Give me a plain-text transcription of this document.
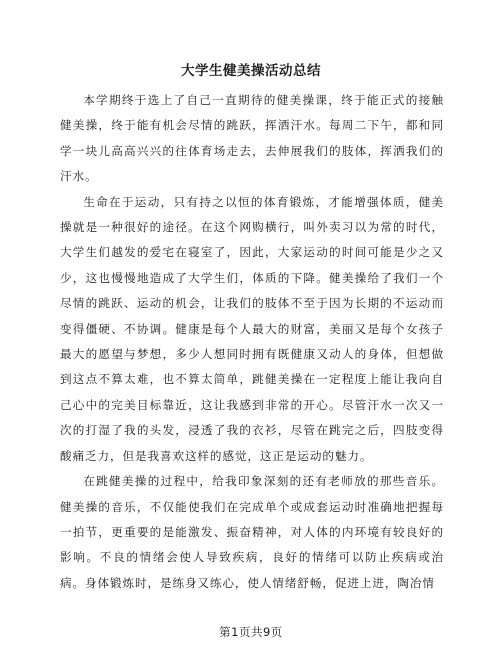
大学生健美操活动总结

本学期终于选上了自己一直期待的健美操课，终于能正式的接触健美操，终于能有机会尽情的跳跃，挥洒汗水。每周二下午，都和同学一块儿高高兴兴的往体育场走去，去伸展我们的肢体，挥洒我们的汗水。

生命在于运动，只有持之以恒的体育锻炼，才能增强体质，健美操就是一种很好的途径。在这个网购横行，叫外卖习以为常的时代，大学生们越发的爱宅在寝室了，因此，大家运动的时间可能是少之又少，这也慢慢地造成了大学生们，体质的下降。健美操给了我们一个尽情的跳跃、运动的机会，让我们的肢体不至于因为长期的不运动而变得僵硬、不协调。健康是每个人最大的财富，美丽又是每个女孩子最大的愿望与梦想，多少人想同时拥有既健康又动人的身体，但想做到这点不算太难，也不算太简单，跳健美操在一定程度上能让我向自己心中的完美目标靠近，这让我感到非常的开心。尽管汗水一次又一次的打湿了我的头发，浸透了我的衣衫，尽管在跳完之后，四肢变得酸痛乏力，但是我喜欢这样的感觉，这正是运动的魅力。

在跳健美操的过程中，给我印象深刻的还有老师放的那些音乐。健美操的音乐，不仅能使我们在完成单个或成套运动时准确地把握每一拍节，更重要的是能激发、振奋精神，对人体的内环境有较良好的影响。不良的情绪会使人导致疾病，良好的情绪可以防止疾病或治病。身体锻炼时，是练身又练心，使人情绪舒畅，促进上进，陶冶情

第1页共9页
